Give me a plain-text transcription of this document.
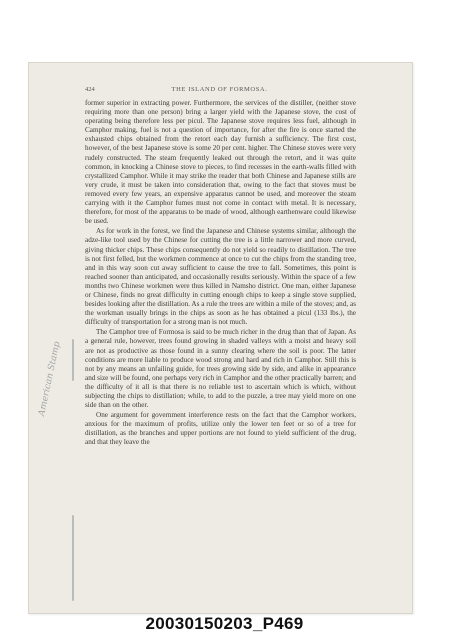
424	THE ISLAND OF FORMOSA.

former superior in extracting power. Furthermore, the services of the distiller, (neither stove requiring more than one person) bring a larger yield with the Japanese stove, the cost of operating being therefore less per picul. The Japanese stove requires less fuel, although in Camphor making, fuel is not a question of importance, for after the fire is once started the exhausted chips obtained from the retort each day furnish a sufficiency. The first cost, however, of the best Japanese stove is some 20 per cent. higher. The Chinese stoves were very rudely constructed. The steam frequently leaked out through the retort, and it was quite common, in knocking a Chinese stove to pieces, to find recesses in the earth-walls filled with crystallized Camphor. While it may strike the reader that both Chinese and Japanese stills are very crude, it must be taken into consideration that, owing to the fact that stoves must be removed every few years, an expensive apparatus cannot be used, and moreover the steam carrying with it the Camphor fumes must not come in contact with metal. It is necessary, therefore, for most of the apparatus to be made of wood, although earthenware could likewise be used.

As for work in the forest, we find the Japanese and Chinese systems similar, although the adze-like tool used by the Chinese for cutting the tree is a little narrower and more curved, giving thicker chips. These chips consequently do not yield so readily to distillation. The tree is not first felled, but the workmen commence at once to cut the chips from the standing tree, and in this way soon cut away sufficient to cause the tree to fall. Sometimes, this point is reached sooner than anticipated, and occasionally results seriously. Within the space of a few months two Chinese workmen were thus killed in Namsho district. One man, either Japanese or Chinese, finds no great difficulty in cutting enough chips to keep a single stove supplied, besides looking after the distillation. As a rule the trees are within a mile of the stoves; and, as the workman usually brings in the chips as soon as he has obtained a picul (133 lbs.), the difficulty of transportation for a strong man is not much.

The Camphor tree of Formosa is said to be much richer in the drug than that of Japan. As a general rule, however, trees found growing in shaded valleys with a moist and heavy soil are not as productive as those found in a sunny clearing where the soil is poor. The latter conditions are more liable to produce wood strong and hard and rich in Camphor. Still this is not by any means an unfailing guide, for trees growing side by side, and alike in appearance and size will be found, one perhaps very rich in Camphor and the other practically barren; and the difficulty of it all is that there is no reliable test to ascertain which is which, without subjecting the chips to distillation; while, to add to the puzzle, a tree may yield more on one side than on the other.

One argument for government interference rests on the fact that the Camphor workers, anxious for the maximum of profits, utilize only the lower ten feet or so of a tree for distillation, as the branches and upper portions are not found to yield sufficient of the drug, and that they leave the

American Stamp
20030150203_P469
